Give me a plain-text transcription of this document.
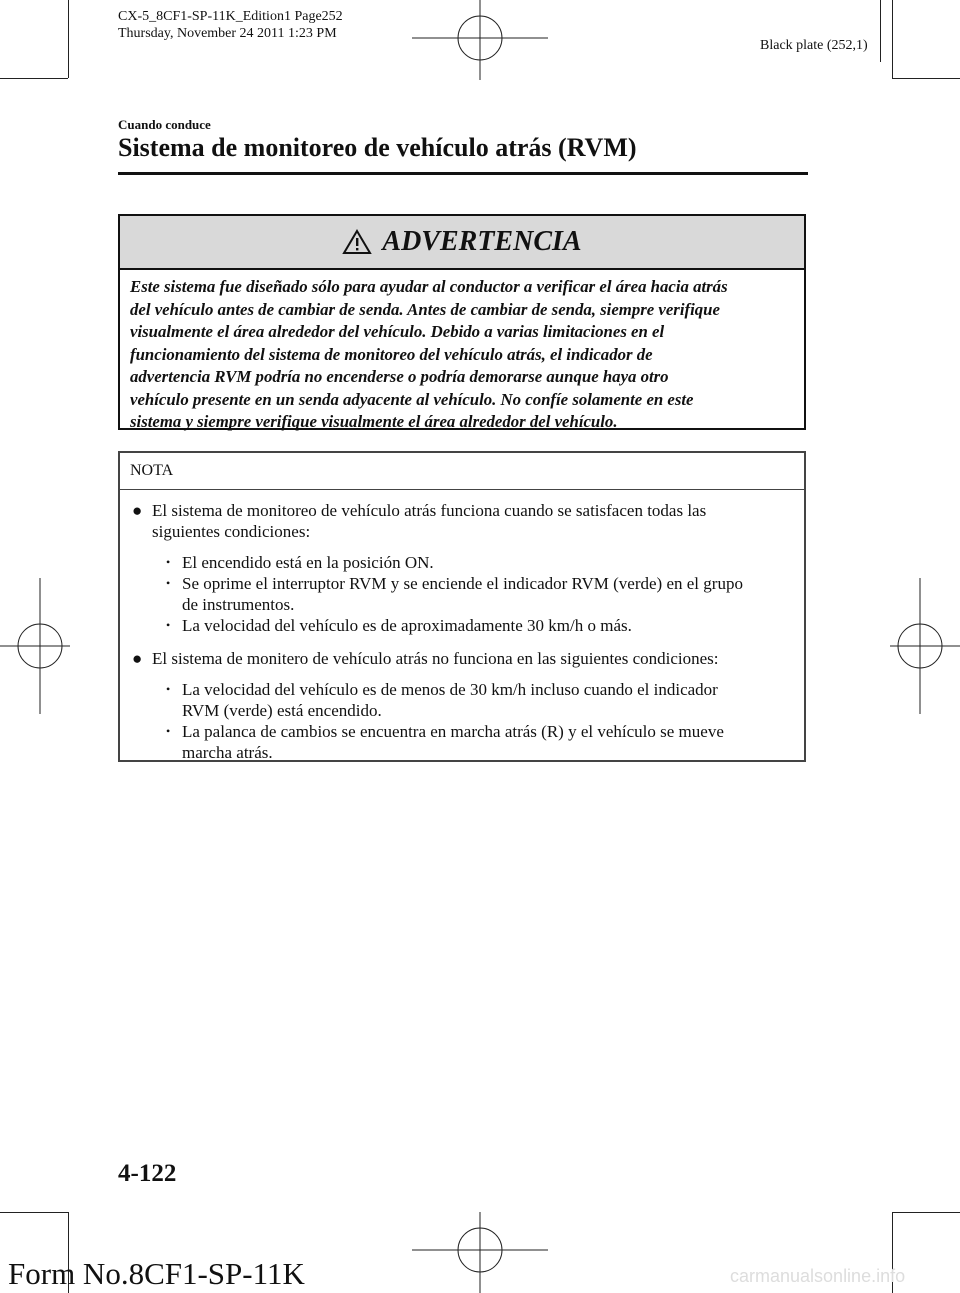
CX-5_8CF1-SP-11K_Edition1 Page252
Thursday, November 24 2011 1:23 PM
Black plate (252,1)
Cuando conduce
Sistema de monitoreo de vehículo atrás (RVM)
ADVERTENCIA
Este sistema fue diseñado sólo para ayudar al conductor a verificar el área hacia atrás
del vehículo antes de cambiar de senda. Antes de cambiar de senda, siempre verifique
visualmente el área alrededor del vehículo. Debido a varias limitaciones en el
funcionamiento del sistema de monitoreo del vehículo atrás, el indicador de
advertencia RVM podría no encenderse o podría demorarse aunque haya otro
vehículo presente en un senda adyacente al vehículo. No confíe solamente en este
sistema y siempre verifique visualmente el área alrededor del vehículo.
NOTA
● El sistema de monitoreo de vehículo atrás funciona cuando se satisfacen todas las
siguientes condiciones:
• El encendido está en la posición ON.
• Se oprime el interruptor RVM y se enciende el indicador RVM (verde) en el grupo
de instrumentos.
• La velocidad del vehículo es de aproximadamente 30 km/h o más.
● El sistema de monitero de vehículo atrás no funciona en las siguientes condiciones:
• La velocidad del vehículo es de menos de 30 km/h incluso cuando el indicador
RVM (verde) está encendido.
• La palanca de cambios se encuentra en marcha atrás (R) y el vehículo se mueve
marcha atrás.
4-122
Form No.8CF1-SP-11K	carmanualsonline.info
